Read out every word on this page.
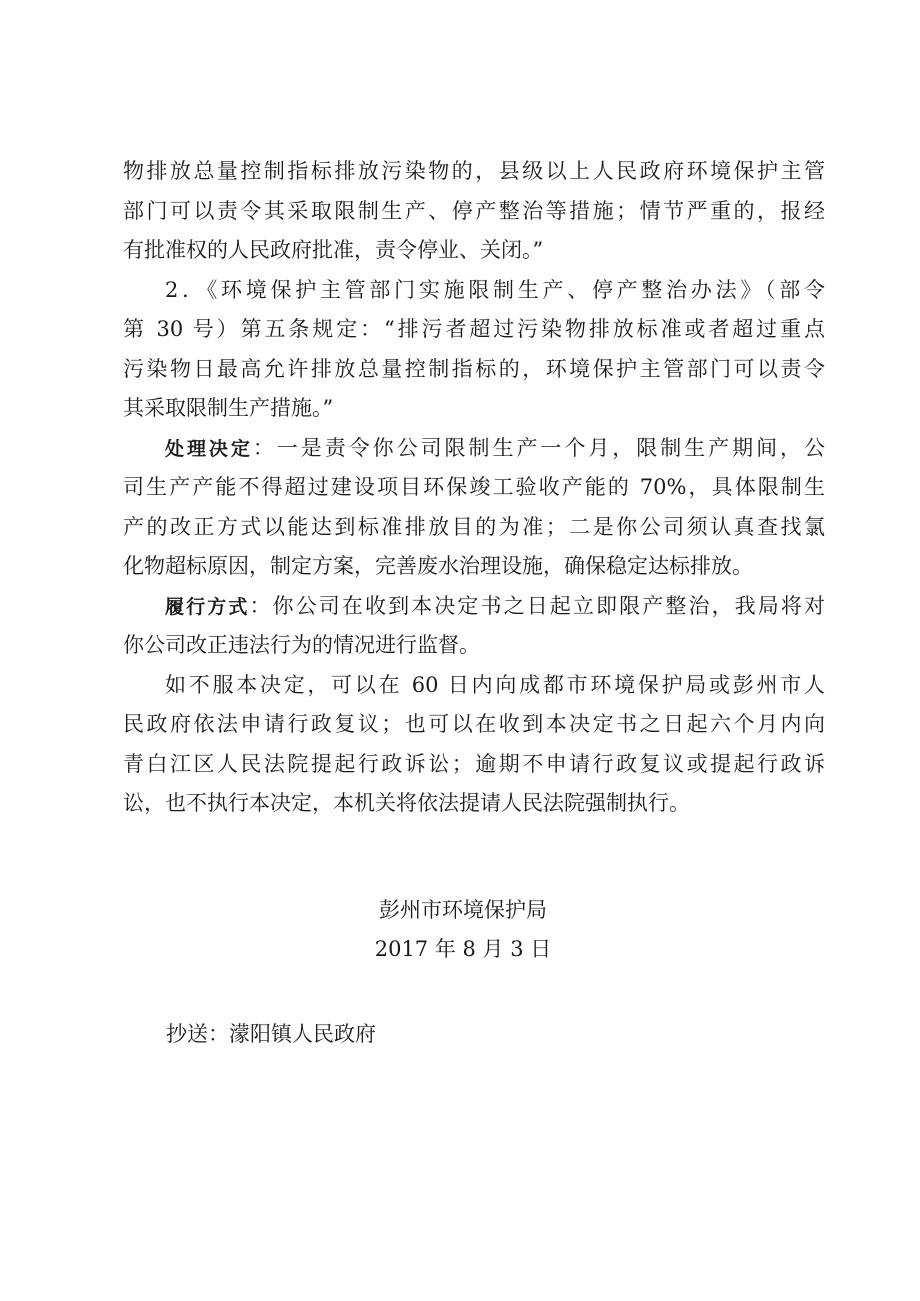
物排放总量控制指标排放污染物的，县级以上人民政府环境保护主管
部门可以责令其采取限制生产、停产整治等措施；情节严重的，报经
有批准权的人民政府批准，责令停业、关闭。”
2．《环境保护主管部门实施限制生产、停产整治办法》（部令
第 30 号）第五条规定：“排污者超过污染物排放标准或者超过重点
污染物日最高允许排放总量控制指标的，环境保护主管部门可以责令
其采取限制生产措施。”
处理决定：一是责令你公司限制生产一个月，限制生产期间，公
司生产产能不得超过建设项目环保竣工验收产能的 70%，具体限制生
产的改正方式以能达到标准排放目的为准；二是你公司须认真查找氯
化物超标原因，制定方案，完善废水治理设施，确保稳定达标排放。
履行方式：你公司在收到本决定书之日起立即限产整治，我局将对
你公司改正违法行为的情况进行监督。
如不服本决定，可以在 60 日内向成都市环境保护局或彭州市人
民政府依法申请行政复议；也可以在收到本决定书之日起六个月内向
青白江区人民法院提起行政诉讼；逾期不申请行政复议或提起行政诉
讼，也不执行本决定，本机关将依法提请人民法院强制执行。
彭州市环境保护局
2017 年 8 月 3 日
抄送：濛阳镇人民政府
